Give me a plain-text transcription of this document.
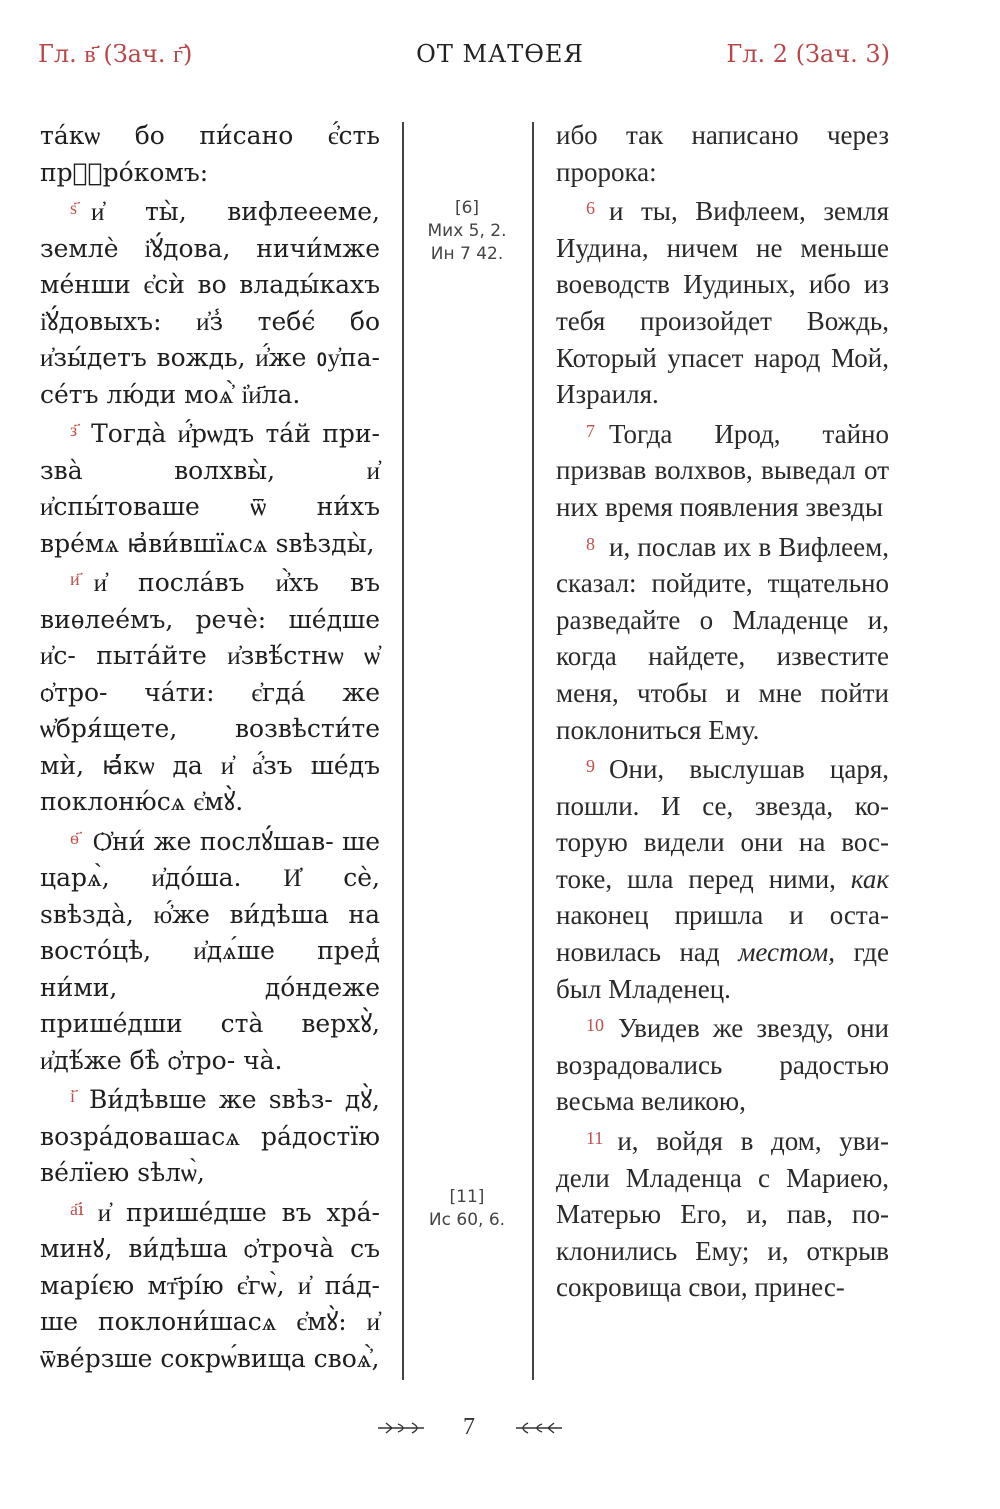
Гл. в҃ (Зач. г҃)	ОТ МАТѲЕЯ	Гл. 2 (Зач. 3)

та́кѡ бо пи́сано є҆́сть прⷪ҇ро́комъ:

$^{ѕ҃}$ и҆ ты̀, вифлеееме, землѐ і҆ꙋ́дова, ничи́мже ме́нши є҆сѝ во влады́кахъ і҆ꙋ́довыхъ: и҆з̾ тебє́ бо и҆зы́детъ вождь, и҆́же ᲂу҆па- се́тъ лю́ди моѧ҆̀ і҆и҃ла.

$^{з҃}$ Тогда̀ и҆́рѡдъ та́й при- зва̀ волхвы̀, и҆ и҆спы́товаше ѿ ни́хъ вре́мѧ ꙗ҆ви́вшїѧсѧ ѕвѣзды̀,

$^{и҃}$ и҆ посла́въ и҆̀хъ въ виѳлее́мъ, речѐ: ше́дше и҆с- пыта́йте и҆звѣ́стнѡ ѡ҆ ѻ҆тро- ча́ти: є҆гда́ же ѡ҆бря́щете, возвѣсти́те мѝ, ꙗ҆́кѡ да и҆ а҆́зъ ше́дъ поклоню́сѧ є҆мꙋ̀.

$^{ѳ҃}$ Ѻ҆ни́ же послꙋ́шав- ше царѧ̀, и҆до́ша. И҆ сѐ, ѕвѣзда̀, ю҆́же ви́дѣша на восто́цѣ, и҆дѧ́ше пред̾ ни́ми, до́ндеже прише́дши ста̀ верхꙋ̀, и҆дѣ́же бѣ̀ ѻ҆тро- ча̀.

$^{і҃}$ Ви́дѣвше же ѕвѣз- дꙋ̀, возра́довашасѧ ра́достїю ве́лїею ѕѣлѡ̀,

$^{а҃і}$ и҆ прише́дше въ хра́- минꙋ, ви́дѣша ѻ҆троча̀ съ марі́єю мт҃рі́ю є҆гѡ̀, и҆ па́д- ше поклони́шасѧ є҆мꙋ̀: и҆ ѿве́рзше сокрѡ́вища своѧ҆̀,

[6]
Мих 5, 2.
Ин 7 42.
[11]
Ис 60, 6.

ибо так написано через пророка:

$^6$ и ты, Вифлеем, земля Иудина, ничем не меньше воеводств Иудиных, ибо из тебя произойдет Вождь, Который упасет народ Мой, Израиля.

$^7$ Тогда Ирод, тайно призвав волхвов, выведал от них время появления звезды

$^8$ и, послав их в Вифлеем, сказал: пойдите, тщательно разведайте о Младенце и, когда найдете, известите меня, чтобы и мне пойти поклониться Ему.

$^9$ Они, выслушав царя, пошли. И се, звезда, которую видели они на востоке, шла перед ними, как наконец пришла и остановилась над местом, где был Младенец.

$^{10}$ Увидев же звезду, они возрадовались радостью весьма великою,

$^{11}$ и, войдя в дом, увидели Младенца с Мариею, Матерью Его, и, пав, поклонились Ему; и, открыв сокровища свои, принес-

7
